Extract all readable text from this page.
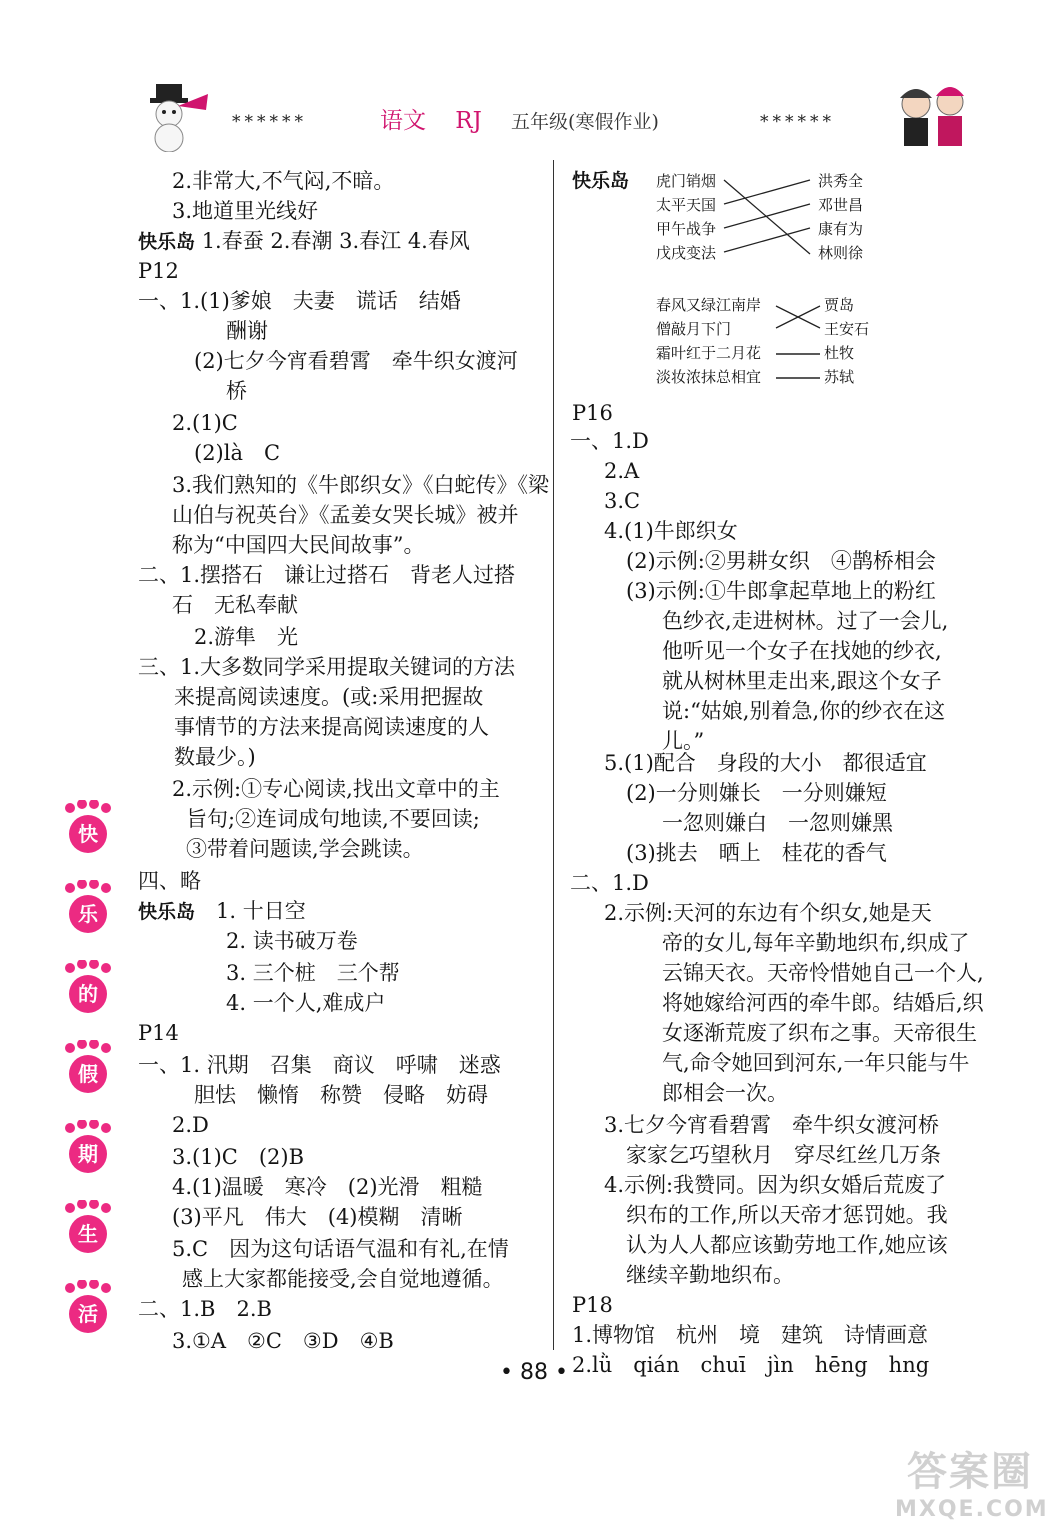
******	语文 RJ 五年级(寒假作业)	******
快
乐
的
假
期
生
活
2.非常大,不气闷,不暗。
3.地道里光线好
快乐岛 1.春蚕 2.春潮 3.春江 4.春风
P12
一、1.(1)爹娘　夫妻　谎话　结婚
酬谢
(2)七夕今宵看碧霄　牵牛织女渡河
桥
2.(1)C
(2)là　C
3.我们熟知的《牛郎织女》《白蛇传》《梁
山伯与祝英台》《孟姜女哭长城》被并
称为“中国四大民间故事”。
二、1.摆搭石　谦让过搭石　背老人过搭
石　无私奉献
2.游隼　光
三、1.大多数同学采用提取关键词的方法
来提高阅读速度。(或:采用把握故
事情节的方法来提高阅读速度的人
数最少。)
2.示例:①专心阅读,找出文章中的主
旨句;②连词成句地读,不要回读;
③带着问题读,学会跳读。
四、略
快乐岛　1. 十日空
2. 读书破万卷
3. 三个桩　三个帮
4. 一个人,难成户
P14
一、1. 汛期　召集　商议　呼啸　迷惑
胆怯　懒惰　称赞　侵略　妨碍
2.D
3.(1)C　(2)B
4.(1)温暖　寒冷　(2)光滑　粗糙
(3)平凡　伟大　(4)模糊　清晰
5.C　因为这句话语气温和有礼,在情
感上大家都能接受,会自觉地遵循。
二、1.B　2.B
3.①A　②C　③D　④B
快乐岛 虎门销烟
太平天国
甲午战争
戊戌变法
洪秀全
邓世昌
康有为
林则徐
春风又绿江南岸
僧敲月下门
霜叶红于二月花
淡妆浓抹总相宜
贾岛
王安石
杜牧
苏轼
P16
一、1.D
2.A
3.C
4.(1)牛郎织女
(2)示例:②男耕女织　④鹊桥相会
(3)示例:①牛郎拿起草地上的粉红
色纱衣,走进树林。过了一会儿,
他听见一个女子在找她的纱衣,
就从树林里走出来,跟这个女子
说:“姑娘,别着急,你的纱衣在这
儿。”
5.(1)配合　身段的大小　都很适宜
(2)一分则嫌长　一分则嫌短
一忽则嫌白　一忽则嫌黑
(3)挑去　晒上　桂花的香气
二、1.D
2.示例:天河的东边有个织女,她是天
帝的女儿,每年辛勤地织布,织成了
云锦天衣。天帝怜惜她自己一个人,
将她嫁给河西的牵牛郎。结婚后,织
女逐渐荒废了织布之事。天帝很生
气,命令她回到河东,一年只能与牛
郎相会一次。
3.七夕今宵看碧霄　牵牛织女渡河桥
家家乞巧望秋月　穿尽红丝几万条
4.示例:我赞同。因为织女婚后荒废了
织布的工作,所以天帝才惩罚她。我
认为人人都应该勤劳地工作,她应该
继续辛勤地织布。
P18
1.博物馆　杭州　境　建筑　诗情画意
2.lǜ　qián　chuī　jìn　hēng　hng
• 88 •
答案圈
MXQE.COM
